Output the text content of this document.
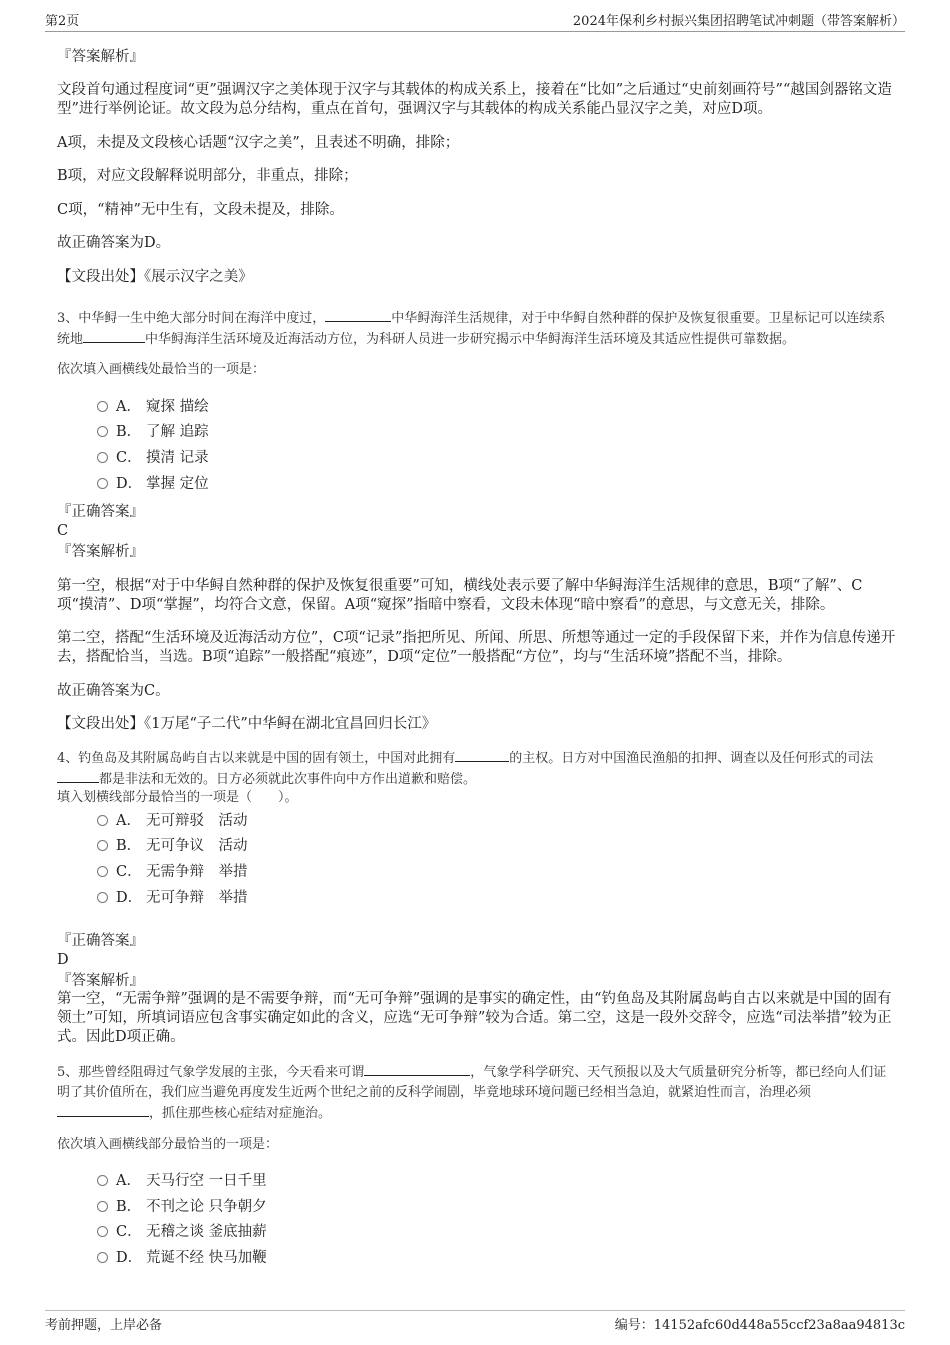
第2页	2024年保利乡村振兴集团招聘笔试冲刺题（带答案解析）
『答案解析』
文段首句通过程度词“更”强调汉字之美体现于汉字与其载体的构成关系上，接着在“比如”之后通过“史前刻画符号”“越国剑器铭文造型”进行举例论证。故文段为总分结构，重点在首句，强调汉字与其载体的构成关系能凸显汉字之美，对应D项。
A项，未提及文段核心话题“汉字之美”，且表述不明确，排除；
B项，对应文段解释说明部分，非重点，排除；
C项，“精神”无中生有，文段未提及，排除。
故正确答案为D。
【文段出处】《展示汉字之美》
3、中华鲟一生中绝大部分时间在海洋中度过，	中华鲟海洋生活规律，对于中华鲟自然种群的保护及恢复很重要。卫星标记可以连续系统地	中华鲟海洋生活环境及近海活动方位，为科研人员进一步研究揭示中华鲟海洋生活环境及其适应性提供可靠数据。
依次填入画横线处最恰当的一项是：
A． 窥探 描绘
B． 了解 追踪
C． 摸清 记录
D． 掌握 定位
『正确答案』
C
『答案解析』
第一空，根据“对于中华鲟自然种群的保护及恢复很重要”可知，横线处表示要了解中华鲟海洋生活规律的意思，B项“了解”、C项“摸清”、D项“掌握”，均符合文意，保留。A项“窥探”指暗中察看，文段未体现“暗中察看”的意思，与文意无关，排除。
第二空，搭配“生活环境及近海活动方位”，C项“记录”指把所见、所闻、所思、所想等通过一定的手段保留下来，并作为信息传递开去，搭配恰当，当选。B项“追踪”一般搭配“痕迹”，D项“定位”一般搭配“方位”，均与“生活环境”搭配不当，排除。
故正确答案为C。
【文段出处】《1万尾“子二代”中华鲟在湖北宜昌回归长江》
4、钓鱼岛及其附属岛屿自古以来就是中国的固有领土，中国对此拥有	的主权。日方对中国渔民渔船的扣押、调查以及任何形式的司法都是非法和无效的。日方必须就此次事件向中方作出道歉和赔偿。
填入划横线部分最恰当的一项是（　　）。
A． 无可辩驳　活动
B． 无可争议　活动
C． 无需争辩　举措
D． 无可争辩　举措
『正确答案』
D
『答案解析』
第一空，“无需争辩”强调的是不需要争辩，而“无可争辩”强调的是事实的确定性，由“钓鱼岛及其附属岛屿自古以来就是中国的固有领土”可知，所填词语应包含事实确定如此的含义，应选“无可争辩”较为合适。第二空，这是一段外交辞令，应选“司法举措”较为正式。因此D项正确。
5、那些曾经阻碍过气象学发展的主张，今天看来可谓	，气象学科学研究、天气预报以及大气质量研究分析等，都已经向人们证明了其价值所在，我们应当避免再度发生近两个世纪之前的反科学闹剧，毕竟地球环境问题已经相当急迫，就紧迫性而言，治理必须，抓住那些核心症结对症施治。
依次填入画横线部分最恰当的一项是：
A． 天马行空 一日千里
B． 不刊之论 只争朝夕
C． 无稽之谈 釜底抽薪
D． 荒诞不经 快马加鞭
考前押题，上岸必备	编号：14152afc60d448a55ccf23a8aa94813c
